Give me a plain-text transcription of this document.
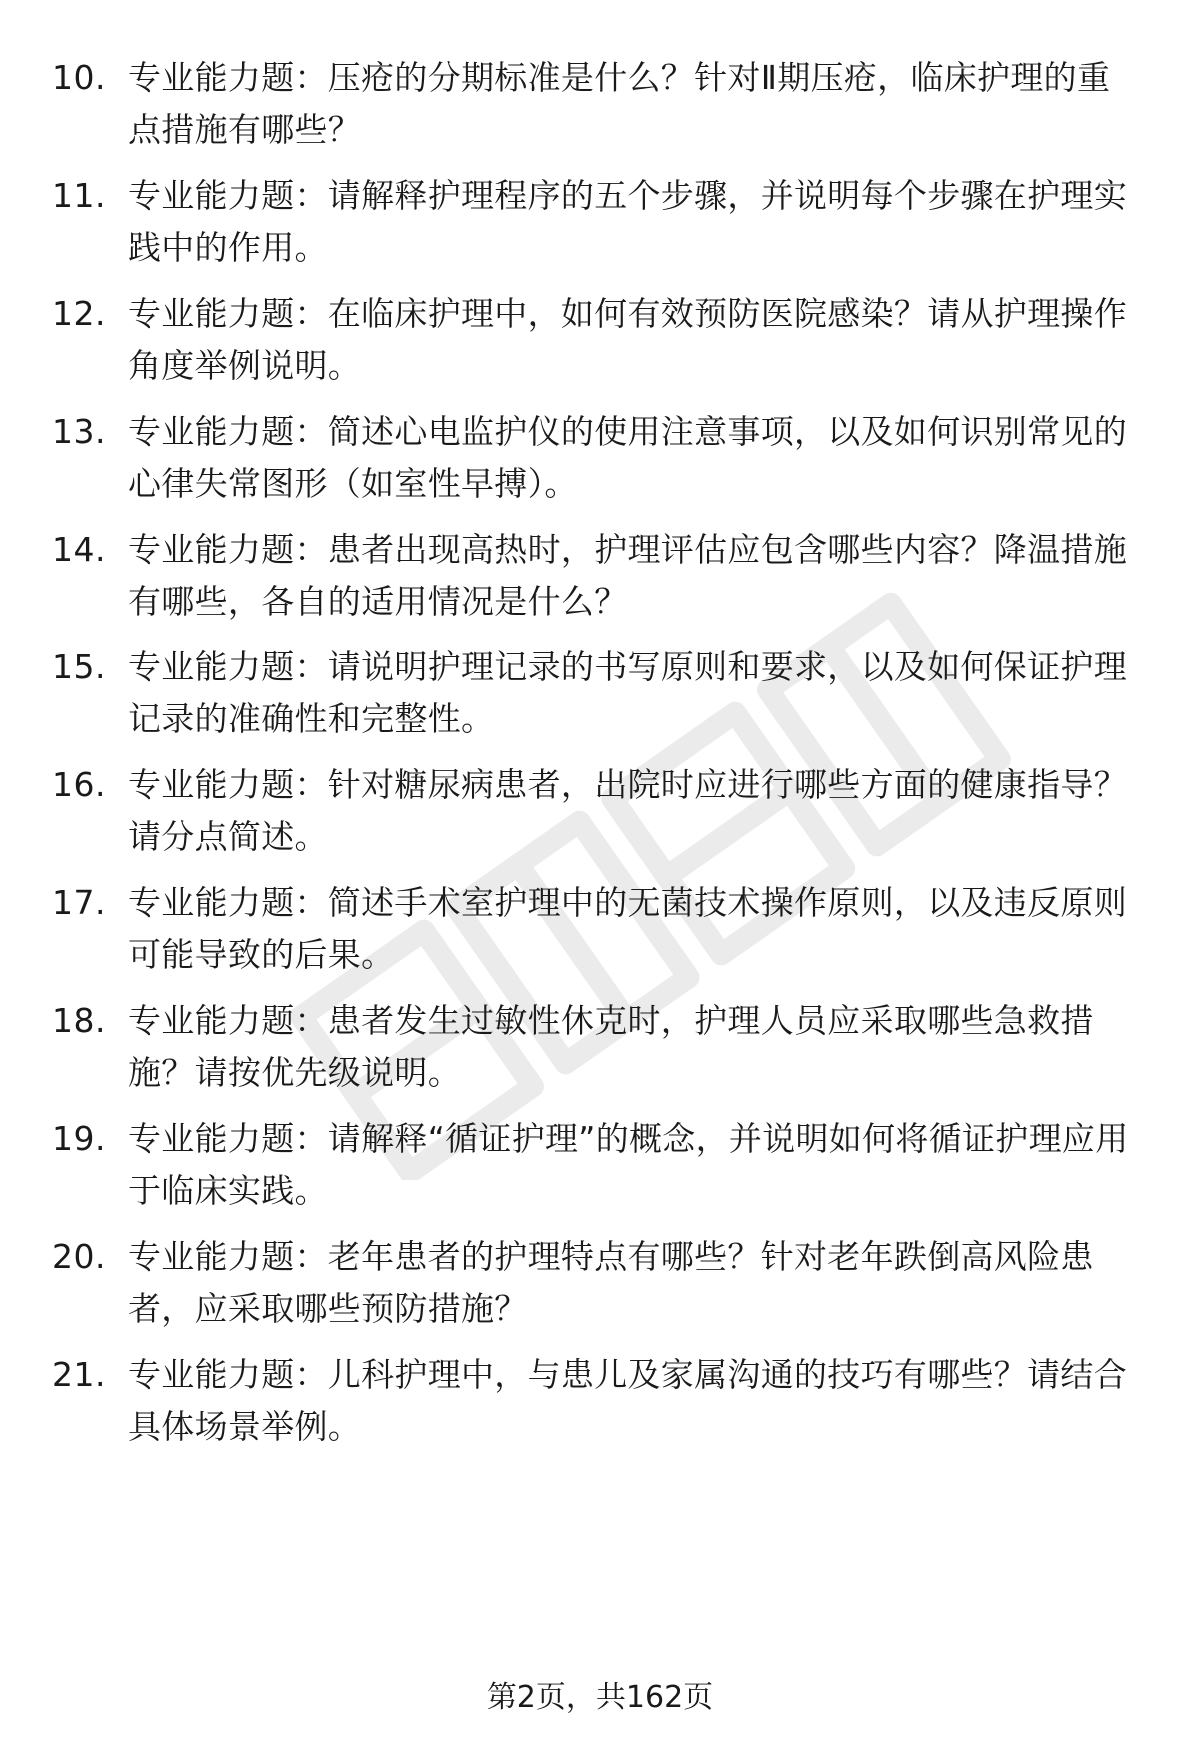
10. 专业能力题：压疮的分期标准是什么？针对Ⅱ期压疮，临床护理的重点措施有哪些？
11. 专业能力题：请解释护理程序的五个步骤，并说明每个步骤在护理实践中的作用。
12. 专业能力题：在临床护理中，如何有效预防医院感染？请从护理操作角度举例说明。
13. 专业能力题：简述心电监护仪的使用注意事项，以及如何识别常见的心律失常图形（如室性早搏）。
14. 专业能力题：患者出现高热时，护理评估应包含哪些内容？降温措施有哪些，各自的适用情况是什么？
15. 专业能力题：请说明护理记录的书写原则和要求，以及如何保证护理记录的准确性和完整性。
16. 专业能力题：针对糖尿病患者，出院时应进行哪些方面的健康指导？请分点简述。
17. 专业能力题：简述手术室护理中的无菌技术操作原则，以及违反原则可能导致的后果。
18. 专业能力题：患者发生过敏性休克时，护理人员应采取哪些急救措施？请按优先级说明。
19. 专业能力题：请解释“循证护理”的概念，并说明如何将循证护理应用于临床实践。
20. 专业能力题：老年患者的护理特点有哪些？针对老年跌倒高风险患者，应采取哪些预防措施？
21. 专业能力题：儿科护理中，与患儿及家属沟通的技巧有哪些？请结合具体场景举例。
第2页，共162页
